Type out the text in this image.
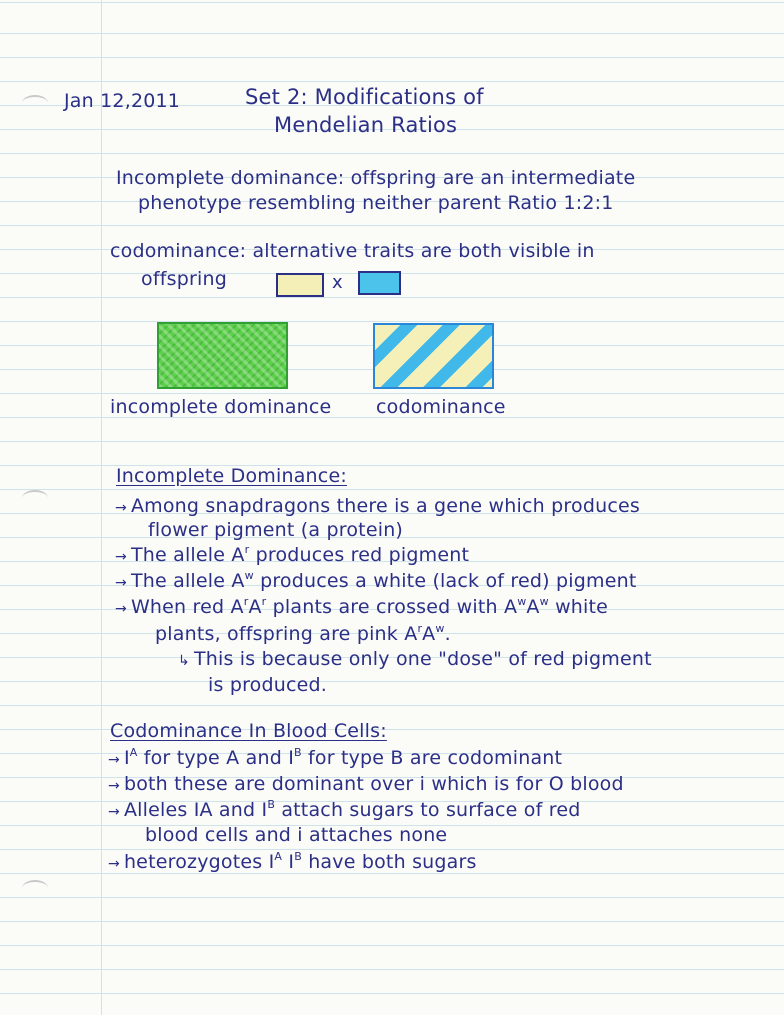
Jan 12,2011	Set 2: Modifications of
Mendelian Ratios
Incomplete dominance: offspring are an intermediate
phenotype resembling neither parent Ratio 1:2:1
codominance: alternative traits are both visible in
offspring	x
incomplete dominance codominance
Incomplete Dominance:
→ Among snapdragons there is a gene which produces
flower pigment (a protein)
→ The allele $A^r$ produces red pigment
→ The allele $A^w$ produces a white (lack of red) pigment
→ When red $A^rA^r$ plants are crossed with $A^wA^w$ white
plants, offspring are pink $A^rA^w$.
↳ This is because only one "dose" of red pigment
is produced.
Codominance In Blood Cells:
→ $I^A$ for type A and $I^B$ for type B are codominant
→ both these are dominant over i which is for O blood
→ Alleles IA and $I^B$ attach sugars to surface of red
blood cells and i attaches none
→ heterozygotes $I^A$ $I^B$ have both sugars
